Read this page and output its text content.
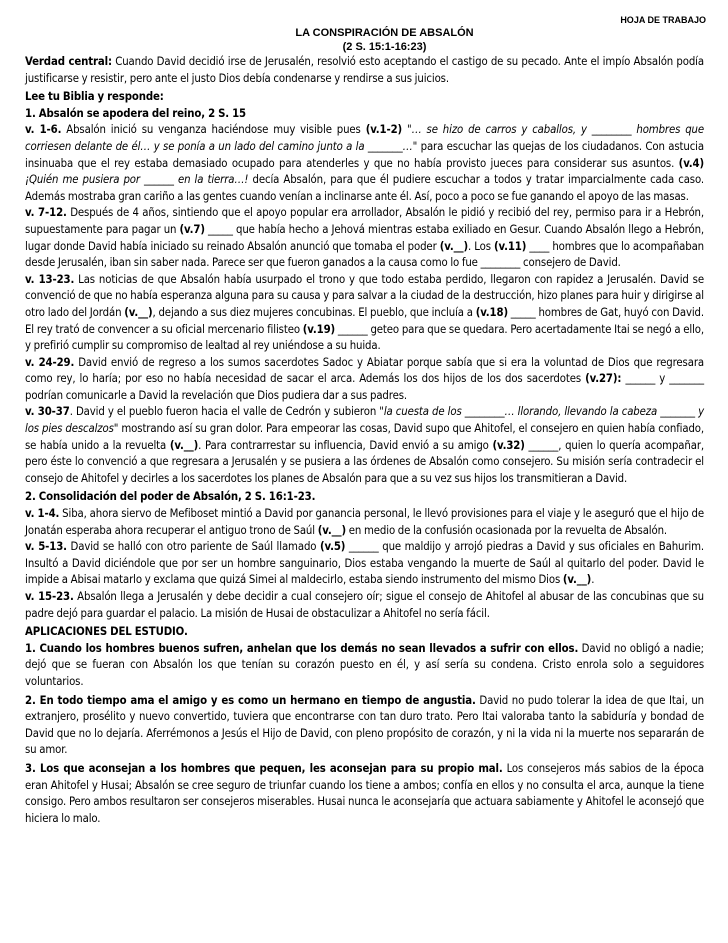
HOJA DE TRABAJO
LA CONSPIRACIÓN DE ABSALÓN
(2 S. 15:1-16:23)

Verdad central: Cuando David decidió irse de Jerusalén, resolvió esto aceptando el castigo de su pecado. Ante el impío Absalón podía justificarse y resistir, pero ante el justo Dios debía condenarse y rendirse a sus juicios.

Lee tu Biblia y responde:

1. Absalón se apodera del reino, 2 S. 15

v. 1-6. Absalón inició su venganza haciéndose muy visible pues (v.1-2) "… se hizo de carros y caballos, y ________ hombres que corriesen delante de él… y se ponía a un lado del camino junto a la _______…" para escuchar las quejas de los ciudadanos. Con astucia insinuaba que el rey estaba demasiado ocupado para atenderles y que no había provisto jueces para considerar sus asuntos. (v.4) ¡Quién me pusiera por ______ en la tierra…! decía Absalón, para que él pudiere escuchar a todos y tratar imparcialmente cada caso. Además mostraba gran cariño a las gentes cuando venían a inclinarse ante él. Así, poco a poco se fue ganando el apoyo de las masas.

v. 7-12. Después de 4 años, sintiendo que el apoyo popular era arrollador, Absalón le pidió y recibió del rey, permiso para ir a Hebrón, supuestamente para pagar un (v.7) _____ que había hecho a Jehová mientras estaba exiliado en Gesur. Cuando Absalón llego a Hebrón, lugar donde David había iniciado su reinado Absalón anunció que tomaba el poder (v.__). Los (v.11) ____ hombres que lo acompañaban desde Jerusalén, iban sin saber nada. Parece ser que fueron ganados a la causa como lo fue ________ consejero de David.

v. 13-23. Las noticias de que Absalón había usurpado el trono y que todo estaba perdido, llegaron con rapidez a Jerusalén. David se convenció de que no había esperanza alguna para su causa y para salvar a la ciudad de la destrucción, hizo planes para huir y dirigirse al otro lado del Jordán (v.__), dejando a sus diez mujeres concubinas. El pueblo, que incluía a (v.18) _____ hombres de Gat, huyó con David. El rey trató de convencer a su oficial mercenario filisteo (v.19) ______ geteo para que se quedara. Pero acertadamente Itai se negó a ello, y prefirió cumplir su compromiso de lealtad al rey uniéndose a su huida.

v. 24-29. David envió de regreso a los sumos sacerdotes Sadoc y Abiatar porque sabía que si era la voluntad de Dios que regresara como rey, lo haría; por eso no había necesidad de sacar el arca. Además los dos hijos de los dos sacerdotes (v.27): ______ y _______ podrían comunicarle a David la revelación que Dios pudiera dar a sus padres.

v. 30-37. David y el pueblo fueron hacia el valle de Cedrón y subieron "la cuesta de los ________… llorando, llevando la cabeza _______ y los pies descalzos" mostrando así su gran dolor. Para empeorar las cosas, David supo que Ahitofel, el consejero en quien había confiado, se había unido a la revuelta (v.__). Para contrarrestar su influencia, David envió a su amigo (v.32) ______, quien lo quería acompañar, pero éste lo convenció a que regresara a Jerusalén y se pusiera a las órdenes de Absalón como consejero. Su misión sería contradecir el consejo de Ahitofel y decirles a los sacerdotes los planes de Absalón para que a su vez sus hijos los transmitieran a David.

2. Consolidación del poder de Absalón, 2 S. 16:1-23.

v. 1-4. Siba, ahora siervo de Mefiboset mintió a David por ganancia personal, le llevó provisiones para el viaje y le aseguró que el hijo de Jonatán esperaba ahora recuperar el antiguo trono de Saúl (v.__) en medio de la confusión ocasionada por la revuelta de Absalón.

v. 5-13. David se halló con otro pariente de Saúl llamado (v.5) ______ que maldijo y arrojó piedras a David y sus oficiales en Bahurim. Insultó a David diciéndole que por ser un hombre sanguinario, Dios estaba vengando la muerte de Saúl al quitarlo del poder. David le impide a Abisai matarlo y exclama que quizá Simei al maldecirlo, estaba siendo instrumento del mismo Dios (v.__).

v. 15-23. Absalón llega a Jerusalén y debe decidir a cual consejero oír; sigue el consejo de Ahitofel al abusar de las concubinas que su padre dejó para guardar el palacio. La misión de Husai de obstaculizar a Ahitofel no sería fácil.

APLICACIONES DEL ESTUDIO.

1. Cuando los hombres buenos sufren, anhelan que los demás no sean llevados a sufrir con ellos. David no obligó a nadie; dejó que se fueran con Absalón los que tenían su corazón puesto en él, y así sería su condena. Cristo enrola solo a seguidores voluntarios.

2. En todo tiempo ama el amigo y es como un hermano en tiempo de angustia. David no pudo tolerar la idea de que Itai, un extranjero, prosélito y nuevo convertido, tuviera que encontrarse con tan duro trato. Pero Itai valoraba tanto la sabiduría y bondad de David que no lo dejaría. Aferrémonos a Jesús el Hijo de David, con pleno propósito de corazón, y ni la vida ni la muerte nos separarán de su amor.

3. Los que aconsejan a los hombres que pequen, les aconsejan para su propio mal. Los consejeros más sabios de la época eran Ahitofel y Husai; Absalón se cree seguro de triunfar cuando los tiene a ambos; confía en ellos y no consulta el arca, aunque la tiene consigo. Pero ambos resultaron ser consejeros miserables. Husai nunca le aconsejaría que actuara sabiamente y Ahitofel le aconsejó que hiciera lo malo.
